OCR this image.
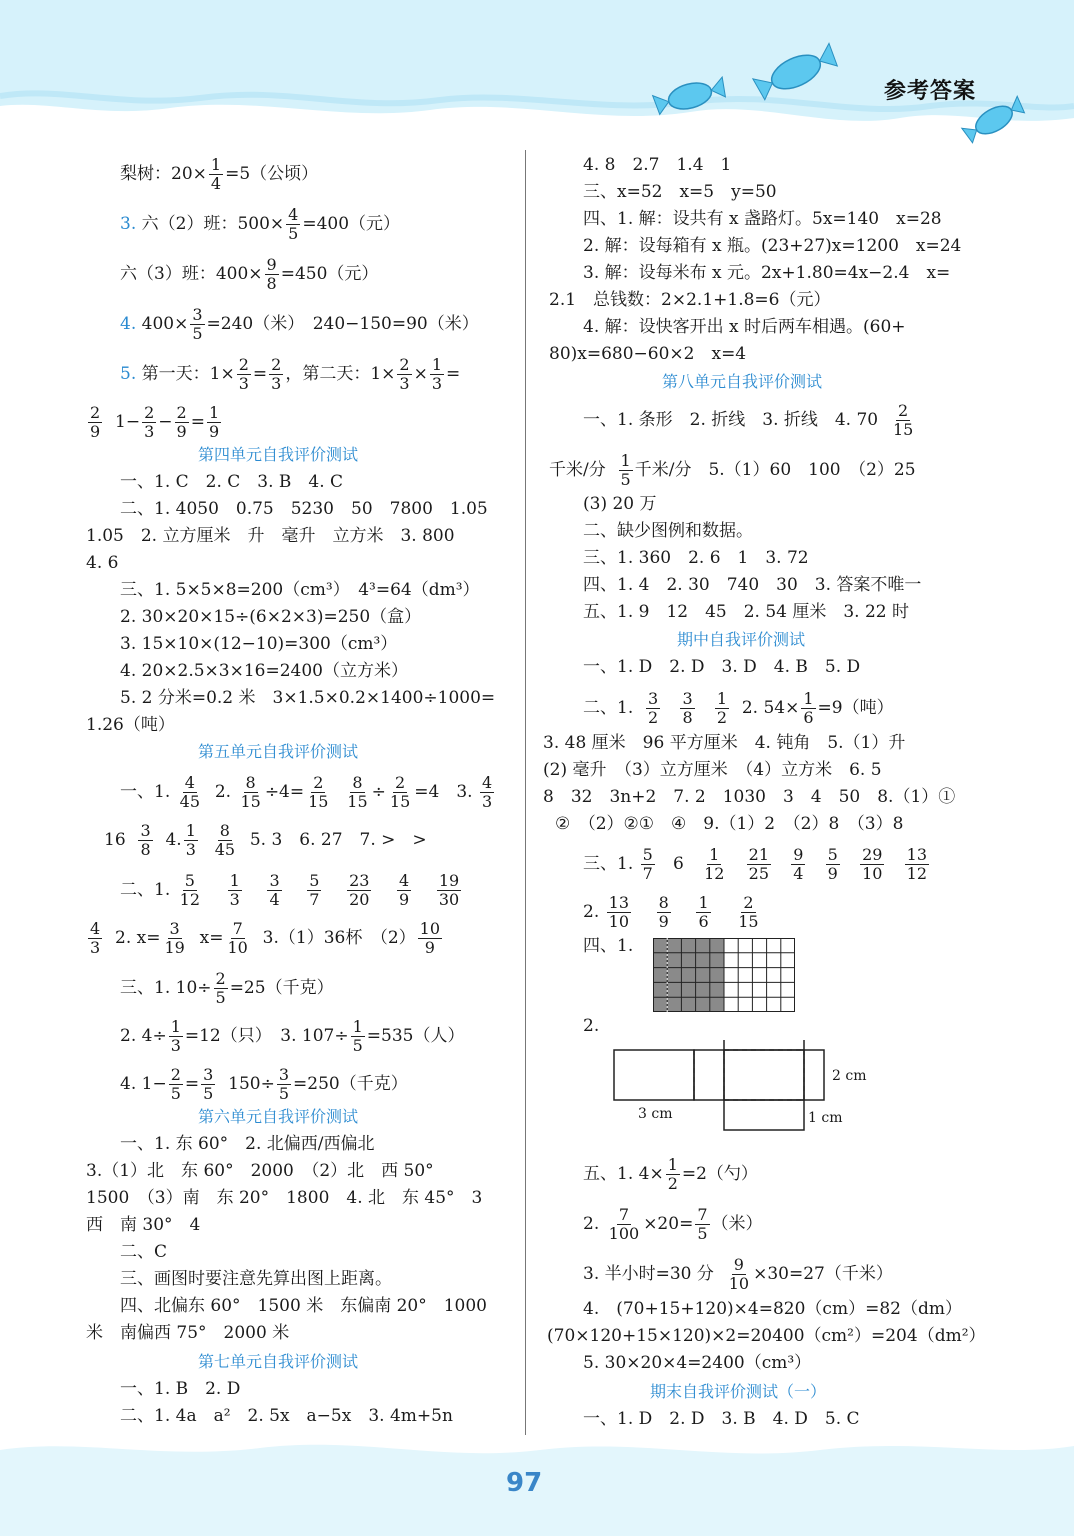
参考答案
97
梨树：$20\times \frac{1}{4} =5$（公顷）
3. 六（2）班：$500\times \frac{4}{5} =400$（元）
六（3）班：$400\times \frac{9}{8} =450$（元）
4. $400\times \frac{3}{5} =240$（米）　240−150=90（米）
5. 第一天：$1\times \frac{2}{3} = \frac{2}{3}$ ，第二天：$1\times \frac{2}{3} \times \frac{1}{3}$ =
$\frac{2}{9} 1- \frac{2}{3} - \frac{2}{9} = \frac{1}{9}$
第四单元自我评价测试
一、1. C　2. C　3. B　4. C
二、1. 4050　0.75　5230　50　7800　1.05
1.05　2. 立方厘米　升　毫升　立方米　3. 800
4. 6
三、1. 5×5×8=200（cm³）　4³=64（dm³）
2. 30×20×15÷(6×2×3)=250（盒）
3. 15×10×(12−10)=300（cm³）
4. 20×2.5×3×16=2400（立方米）
5. 2 分米=0.2 米　3×1.5×0.2×1400÷1000=
1.26（吨）
第五单元自我评价测试
一、1. $\frac{4}{45} 2$. $\frac{8}{15} \div 4= \frac{2}{15}$
$\frac{8}{15} \div \frac{2}{15} =4$　3. $\frac{4}{3}$
$16 \frac{3}{8} 4$. $\frac{1}{3}$
$\frac{8}{45} 5$. 3　6. 27　7. >　>
二、1. $\frac{5}{12}$
$\frac{1}{3}$
$\frac{3}{4}$
$\frac{5}{7}$
$\frac{23}{20}$
$\frac{4}{9}$
$\frac{19}{30}$
$\frac{4}{3} 2$. $x= \frac{3}{19} x= \frac{7}{10} 3.(1)36$杯　$(2) \frac{10}{9}$
三、1. $10\div \frac{2}{5} =25$（千克）
2. $4\div \frac{1}{3} =12$（只）　3. $107\div \frac{1}{5} =535$（人）
4. $1- \frac{2}{5} = \frac{3}{5} 150\div \frac{3}{5} =250$（千克）
第六单元自我评价测试
一、1. 东 60°　2. 北偏西/西偏北
3.（1）北　东 60°　2000　（2）北　西 50°
1500　（3）南　东 20°　1800　4. 北　东 45°　3
西　南 30°　4
二、C
三、画图时要注意先算出图上距离。
四、北偏东 60°　1500 米　东偏南 20°　1000
米　南偏西 75°　2000 米
第七单元自我评价测试
一、1. B　2. D
二、1. 4a　a²　2. 5x　a−5x　3. 4m+5n
4. 8　2.7　1.4　1
三、x=52　x=5　y=50
四、1. 解：设共有 x 盏路灯。5x=140　x=28
2. 解：设每箱有 x 瓶。(23+27)x=1200　x=24
3. 解：设每米布 x 元。2x+1.80=4x−2.4　x=
2.1　总钱数：2×2.1+1.8=6（元）
4. 解：设快客开出 x 时后两车相遇。(60+
80)x=680−60×2　x=4
第八单元自我评价测试
一、1. 条形　2. 折线　3. 折线　4. $70 \frac{2}{15}$
千米/分 $\frac{1}{5}$ 千米/分　5.（1）60　100　（2）25
(3) 20 万
二、缺少图例和数据。
三、1. 360　2. 6　1　3. 72
四、1. 4　2. 30　740　30　3. 答案不唯一
五、1. 9　12　45　2. 54 厘米　3. 22 时
期中自我评价测试
一、1. D　2. D　3. D　4. B　5. D
二、1. $\frac{3}{2}$
$\frac{3}{8}$
$\frac{1}{2} 2$. $54\times \frac{1}{6} =9$（吨）
3. 48 厘米　96 平方厘米　4. 钝角　5.（1）升
(2) 毫升　（3）立方厘米　（4）立方米　6. 5
8　32　3n+2　7. 2　1030　3　4　50　8.（1）①
②　（2）②①　④　9.（1）2　（2）8　（3）8
三、1. $\frac{5}{7} 6 \frac{1}{12}$
$\frac{21}{25}$
$\frac{9}{4}$
$\frac{5}{9}$
$\frac{29}{10}$
$\frac{13}{12}$
2. $\frac{13}{10}$
$\frac{8}{9}$
$\frac{1}{6}$
$\frac{2}{15}$
四、1.
2.
2 cm
3 cm	1 cm
五、1. $4\times \frac{1}{2} =2$（勺）
2. $\frac{7}{100} \times 20= \frac{7}{5}$ （米）
3. 半小时=30 分 $\frac{9}{10} \times 30=27$（千米）
4.　(70+15+120)×4=820（cm）=82（dm）
(70×120+15×120)×2=20400（cm²）=204（dm²）
5. 30×20×4=2400（cm³）
期末自我评价测试（一）
一、1. D　2. D　3. B　4. D　5. C
